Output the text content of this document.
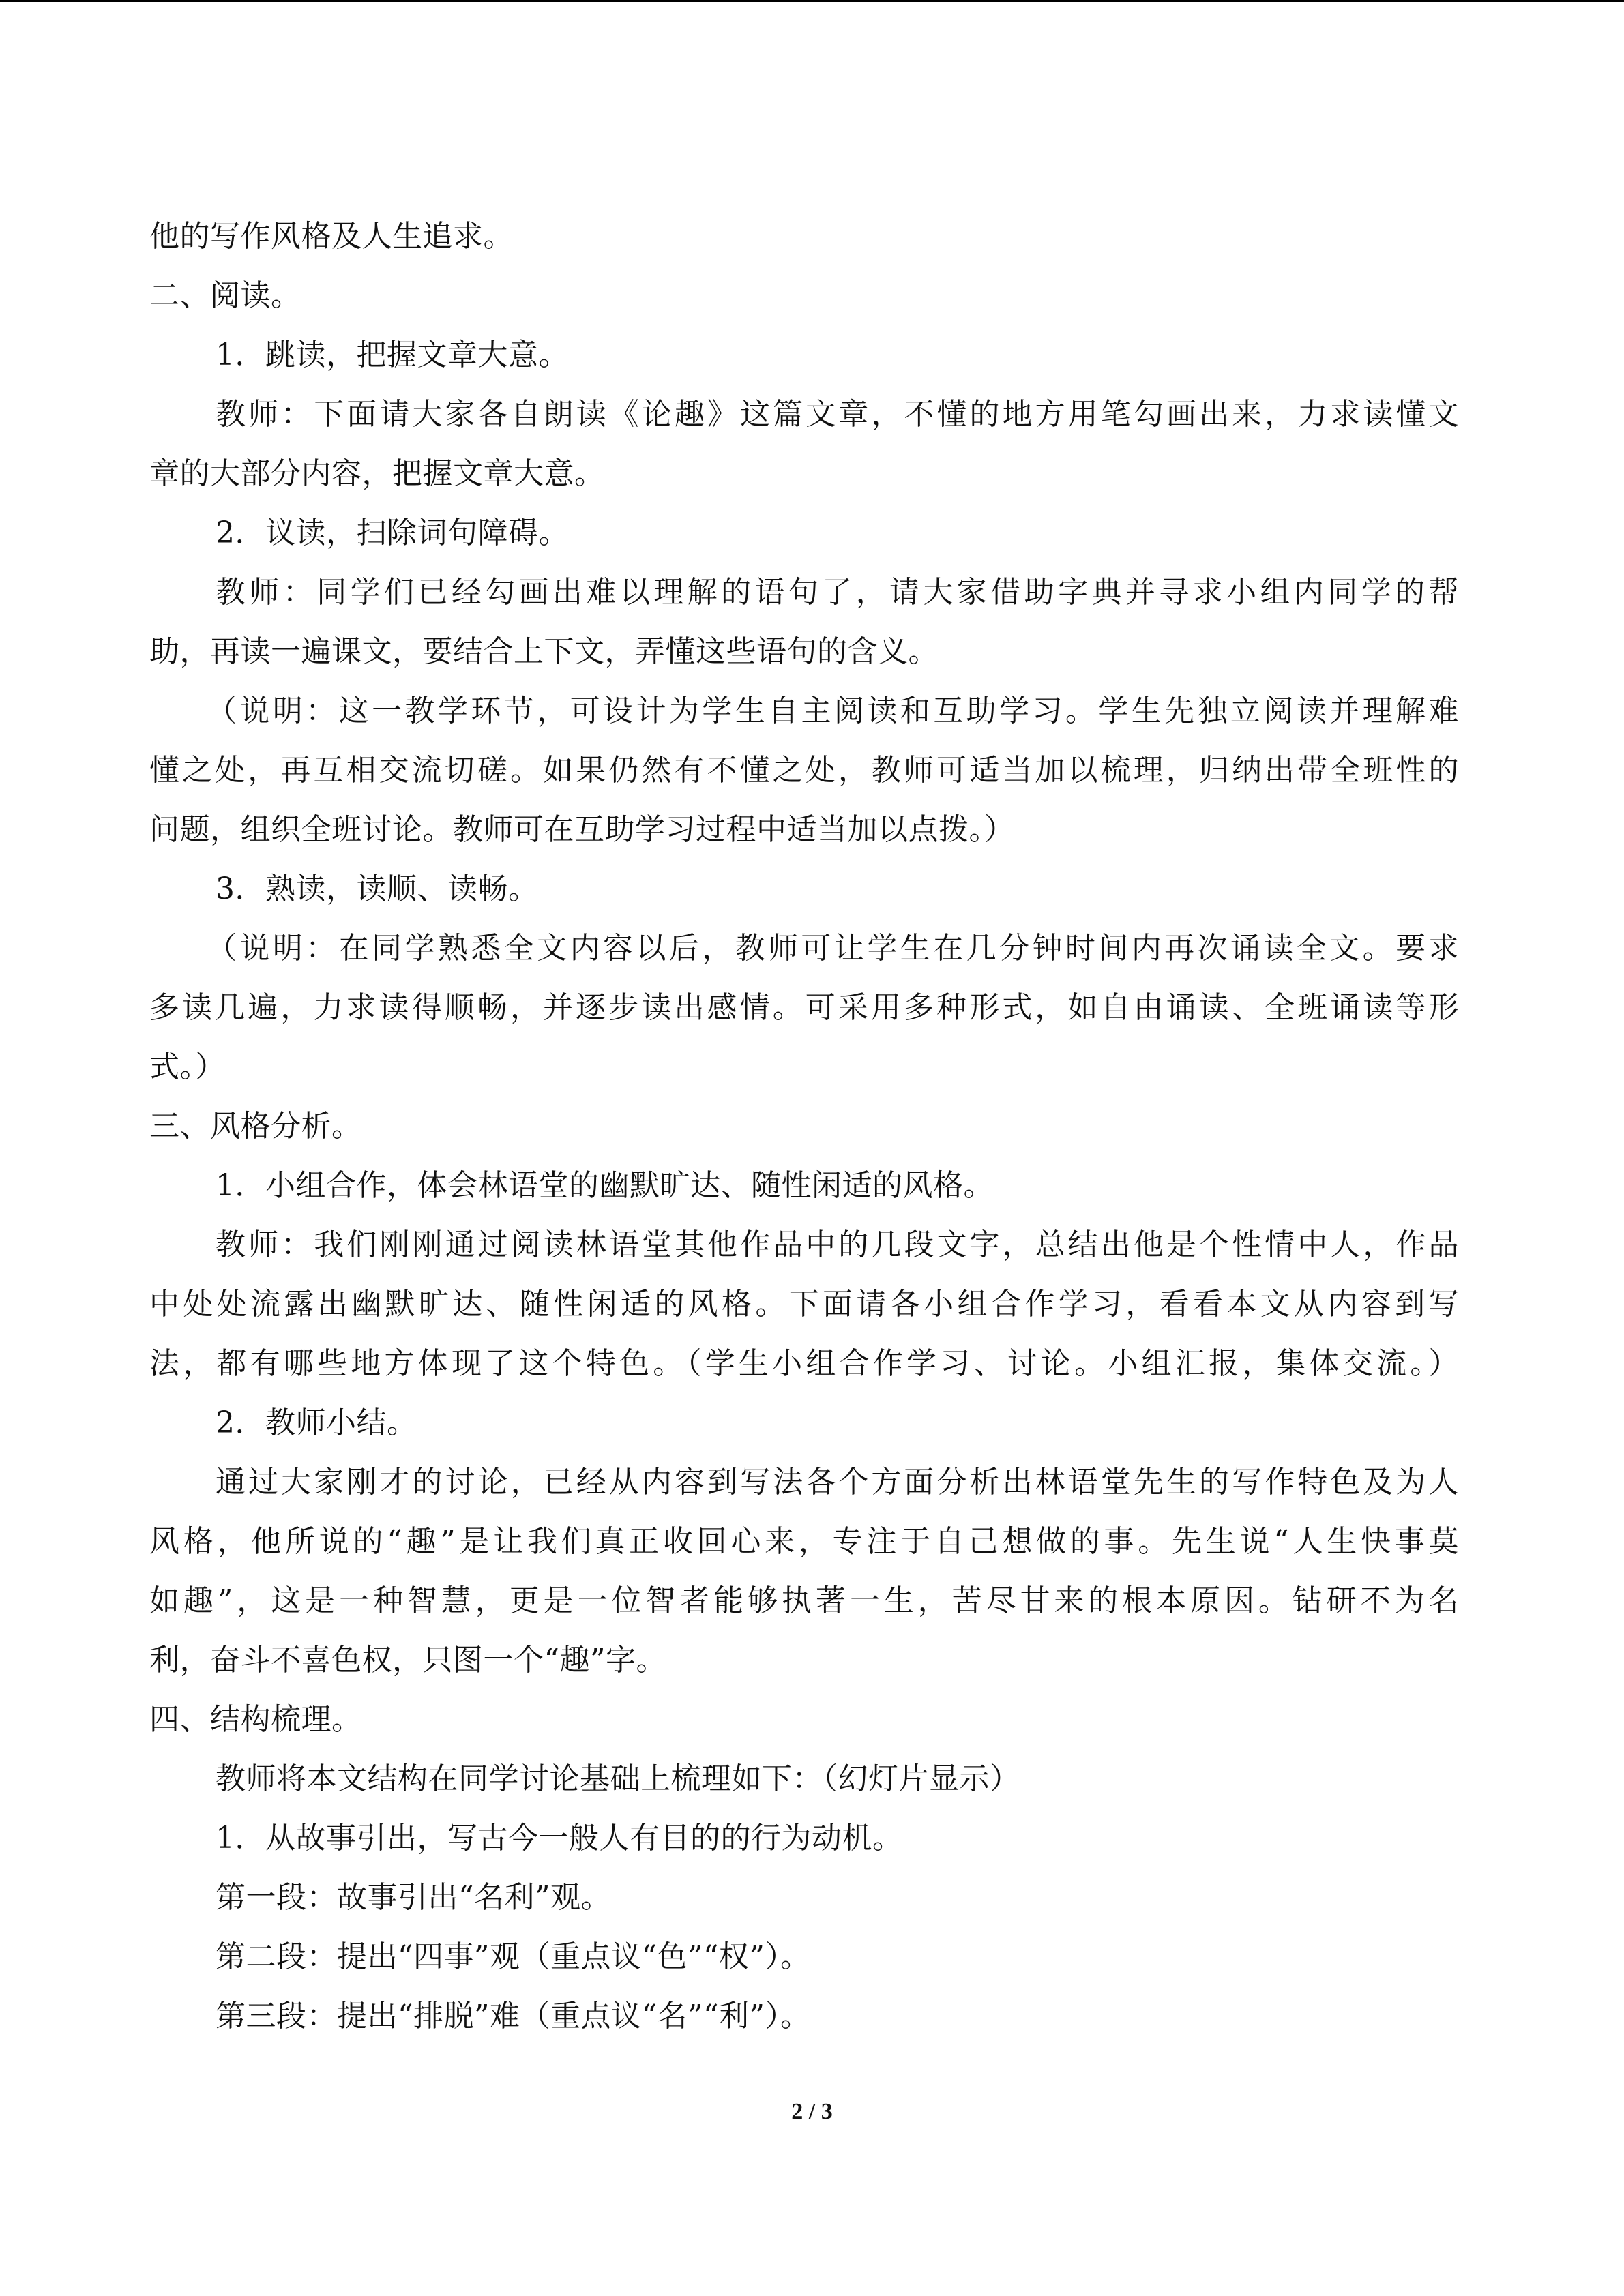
他的写作风格及人生追求。
二、阅读。
1．跳读，把握文章大意。
教师：下面请大家各自朗读《论趣》这篇文章，不懂的地方用笔勾画出来，力求读懂文
章的大部分内容，把握文章大意。
2．议读，扫除词句障碍。
教师：同学们已经勾画出难以理解的语句了，请大家借助字典并寻求小组内同学的帮
助，再读一遍课文，要结合上下文，弄懂这些语句的含义。
（说明：这一教学环节，可设计为学生自主阅读和互助学习。学生先独立阅读并理解难
懂之处，再互相交流切磋。如果仍然有不懂之处，教师可适当加以梳理，归纳出带全班性的
问题，组织全班讨论。教师可在互助学习过程中适当加以点拨。）
3．熟读，读顺、读畅。
（说明：在同学熟悉全文内容以后，教师可让学生在几分钟时间内再次诵读全文。要求
多读几遍，力求读得顺畅，并逐步读出感情。可采用多种形式，如自由诵读、全班诵读等形
式。）
三、风格分析。
1．小组合作，体会林语堂的幽默旷达、随性闲适的风格。
教师：我们刚刚通过阅读林语堂其他作品中的几段文字，总结出他是个性情中人，作品
中处处流露出幽默旷达、随性闲适的风格。下面请各小组合作学习，看看本文从内容到写
法，都有哪些地方体现了这个特色。（学生小组合作学习、讨论。小组汇报，集体交流。）
2．教师小结。
通过大家刚才的讨论，已经从内容到写法各个方面分析出林语堂先生的写作特色及为人
风格，他所说的“趣”是让我们真正收回心来，专注于自己想做的事。先生说“人生快事莫
如趣”，这是一种智慧，更是一位智者能够执著一生，苦尽甘来的根本原因。钻研不为名
利，奋斗不喜色权，只图一个“趣”字。
四、结构梳理。
教师将本文结构在同学讨论基础上梳理如下：（幻灯片显示）
1．从故事引出，写古今一般人有目的的行为动机。
第一段：故事引出“名利”观。
第二段：提出“四事”观（重点议“色”“权”）。
第三段：提出“排脱”难（重点议“名”“利”）。
2 / 3
